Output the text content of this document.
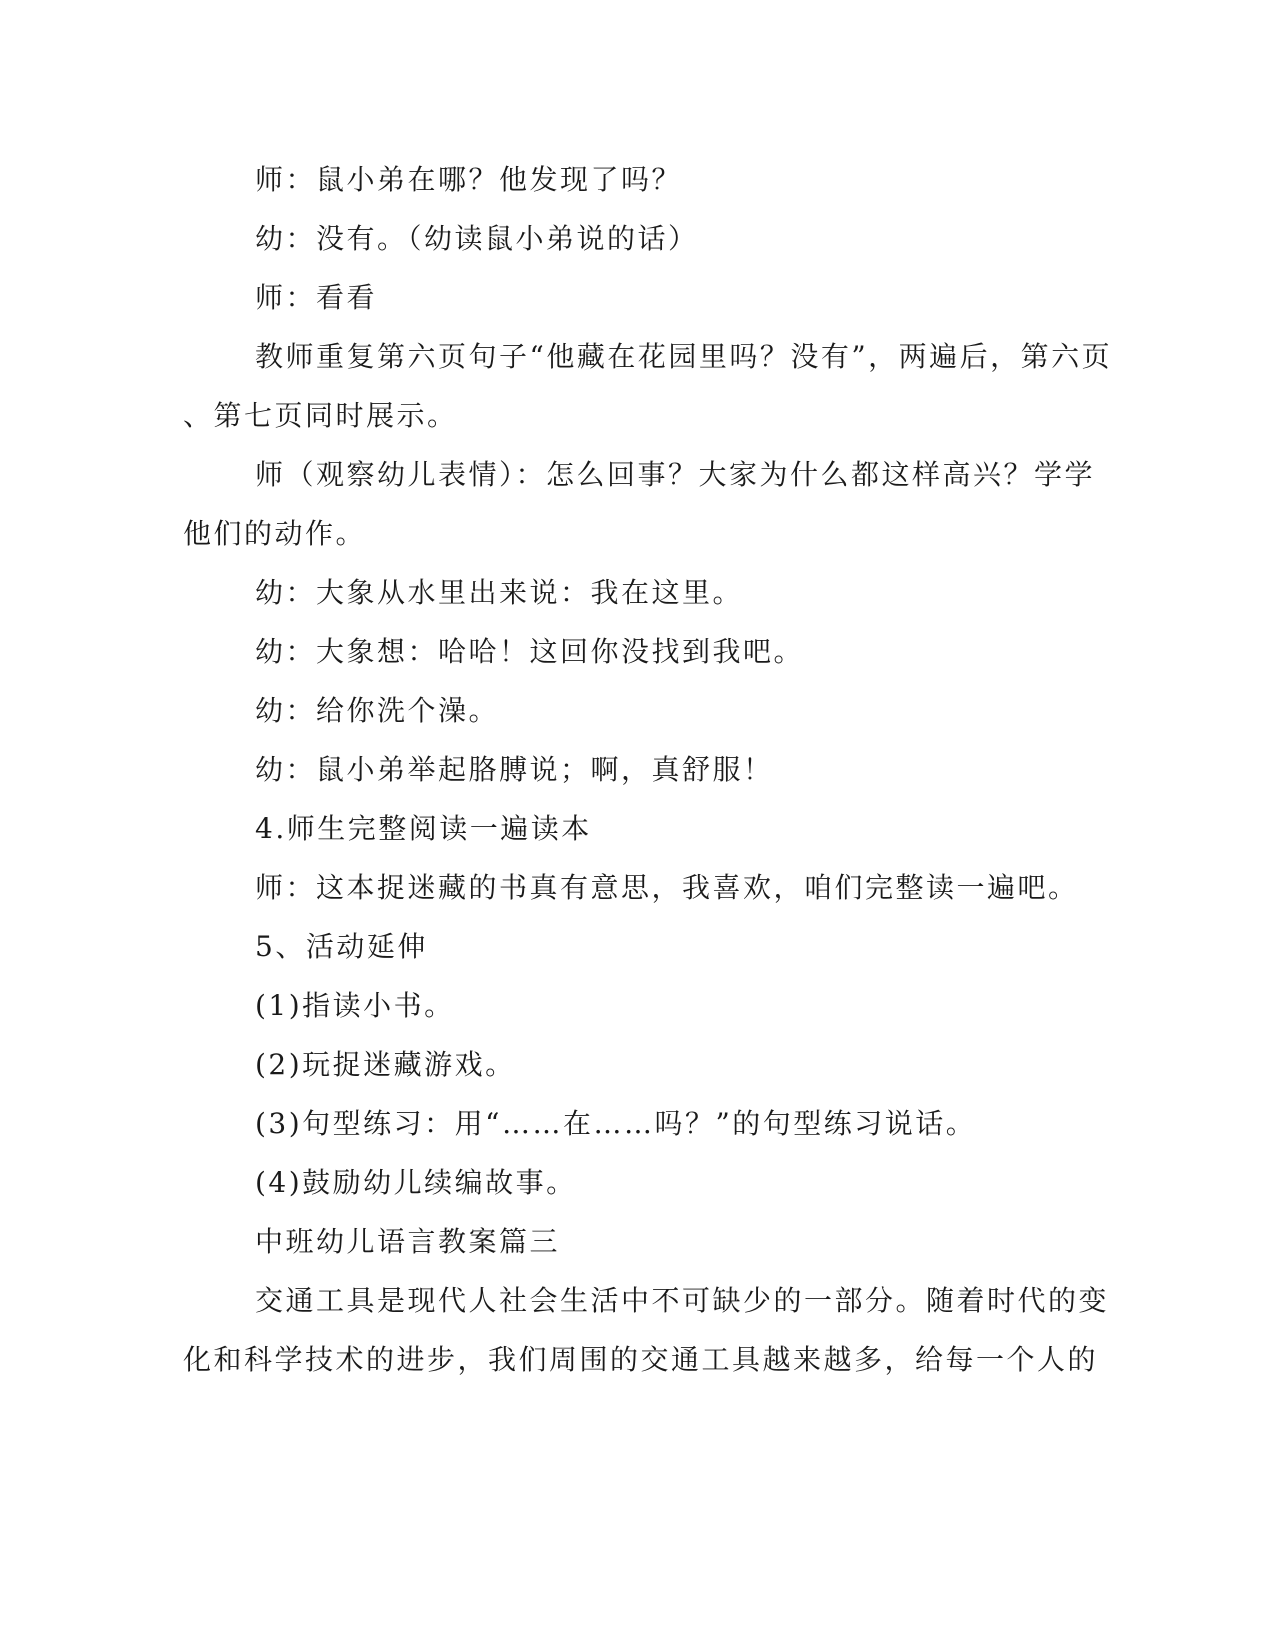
师：鼠小弟在哪？他发现了吗？

幼：没有。（幼读鼠小弟说的话）

师：看看

教师重复第六页句子“他藏在花园里吗？没有”，两遍后，第六页

、第七页同时展示。

师（观察幼儿表情）：怎么回事？大家为什么都这样高兴？学学

他们的动作。

幼：大象从水里出来说：我在这里。

幼：大象想：哈哈！这回你没找到我吧。

幼：给你洗个澡。

幼：鼠小弟举起胳膊说；啊，真舒服！

4.师生完整阅读一遍读本

师：这本捉迷藏的书真有意思，我喜欢，咱们完整读一遍吧。

5、活动延伸

(1)指读小书。

(2)玩捉迷藏游戏。

(3)句型练习：用“……在……吗？”的句型练习说话。

(4)鼓励幼儿续编故事。

中班幼儿语言教案篇三

交通工具是现代人社会生活中不可缺少的一部分。随着时代的变

化和科学技术的进步，我们周围的交通工具越来越多，给每一个人的
